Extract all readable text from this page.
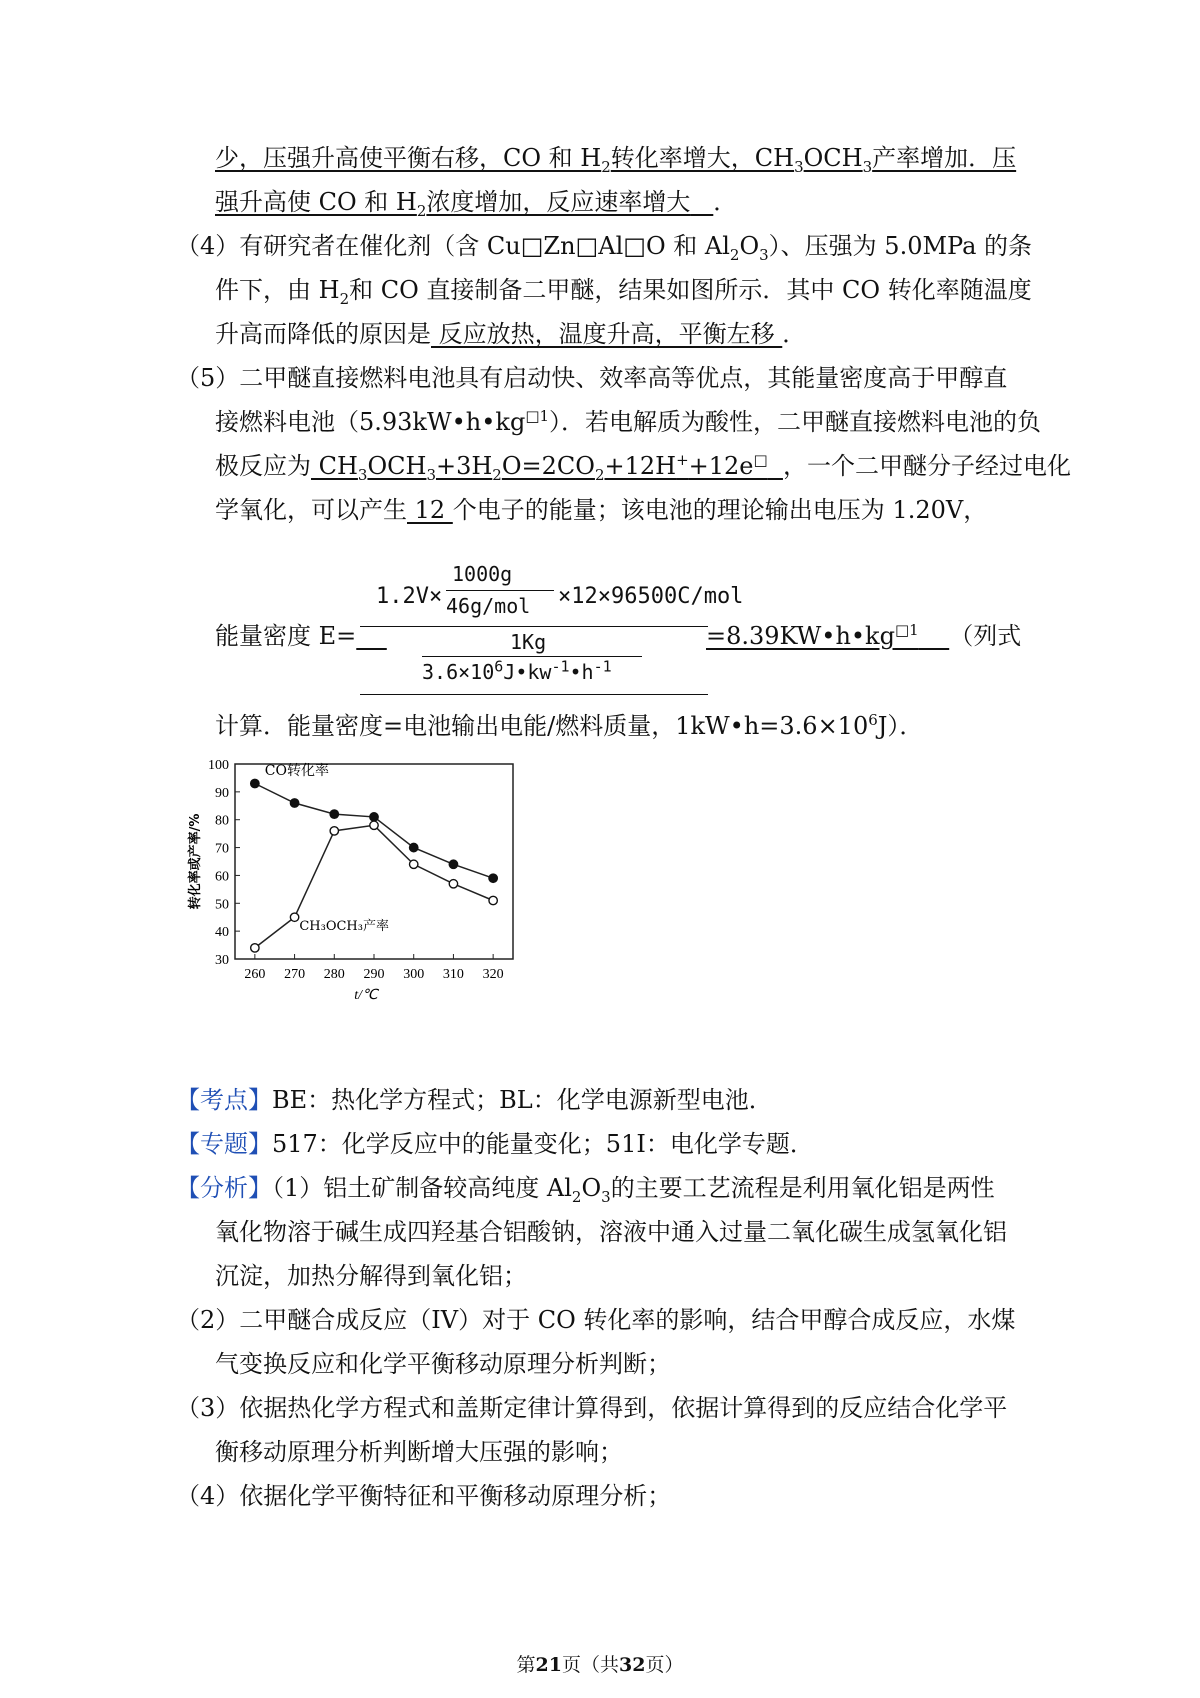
少，压强升高使平衡右移，CO 和 $H_2$转化率增大，$CH_3OCH_3$产率增加．压
强升高使 CO 和 $H_2$浓度增加，反应速率增大 ．
（4）有研究者在催化剂（含 Cu□Zn□Al□O 和 $Al_2O_3$）、压强为 5.0MPa 的条
件下，由 $H_2$和 CO 直接制备二甲醚，结果如图所示．其中 CO 转化率随温度
升高而降低的原因是 反应放热，温度升高，平衡左移 ．
（5）二甲醚直接燃料电池具有启动快、效率高等优点，其能量密度高于甲醇直
接燃料电池$(5.93kW•h•kg^{□1})$．若电解质为酸性，二甲醚直接燃料电池的负
极反应为 $CH_3OCH_3+3H_2O=2CO_2+12H^++12e^□$ ，一个二甲醚分子经过电化
学氧化，可以产生 12 个电子的能量；该电池的理论输出电压为 1.20V，
能量密度 E=
1.2V×
1000g
46g/mol ×12×96500C/mol
1Kg
$3.6\times 10^6J•kw^{-1}•h^{-1}$
$=8.39KW•h•kg^{□1}$ （列式
计算．能量密度=电池输出电能/燃料质量，$1kW•h=3.6\times 10^6J$）．
30
40
50
60
70
80
90
100
260 270 280 290 300 310 320
t/℃
转化率或产率/%
CO转化率
CH₃OCH₃产率
【考点】BE：热化学方程式；BL：化学电源新型电池．
【专题】517：化学反应中的能量变化；51I：电化学专题．
【分析】（1）铝土矿制备较高纯度 $Al_2O_3$的主要工艺流程是利用氧化铝是两性
氧化物溶于碱生成四羟基合铝酸钠，溶液中通入过量二氧化碳生成氢氧化铝
沉淀，加热分解得到氧化铝；
（2）二甲醚合成反应（IV）对于 CO 转化率的影响，结合甲醇合成反应，水煤
气变换反应和化学平衡移动原理分析判断；
（3）依据热化学方程式和盖斯定律计算得到，依据计算得到的反应结合化学平
衡移动原理分析判断增大压强的影响；
（4）依据化学平衡特征和平衡移动原理分析；
第21页（共32页）
